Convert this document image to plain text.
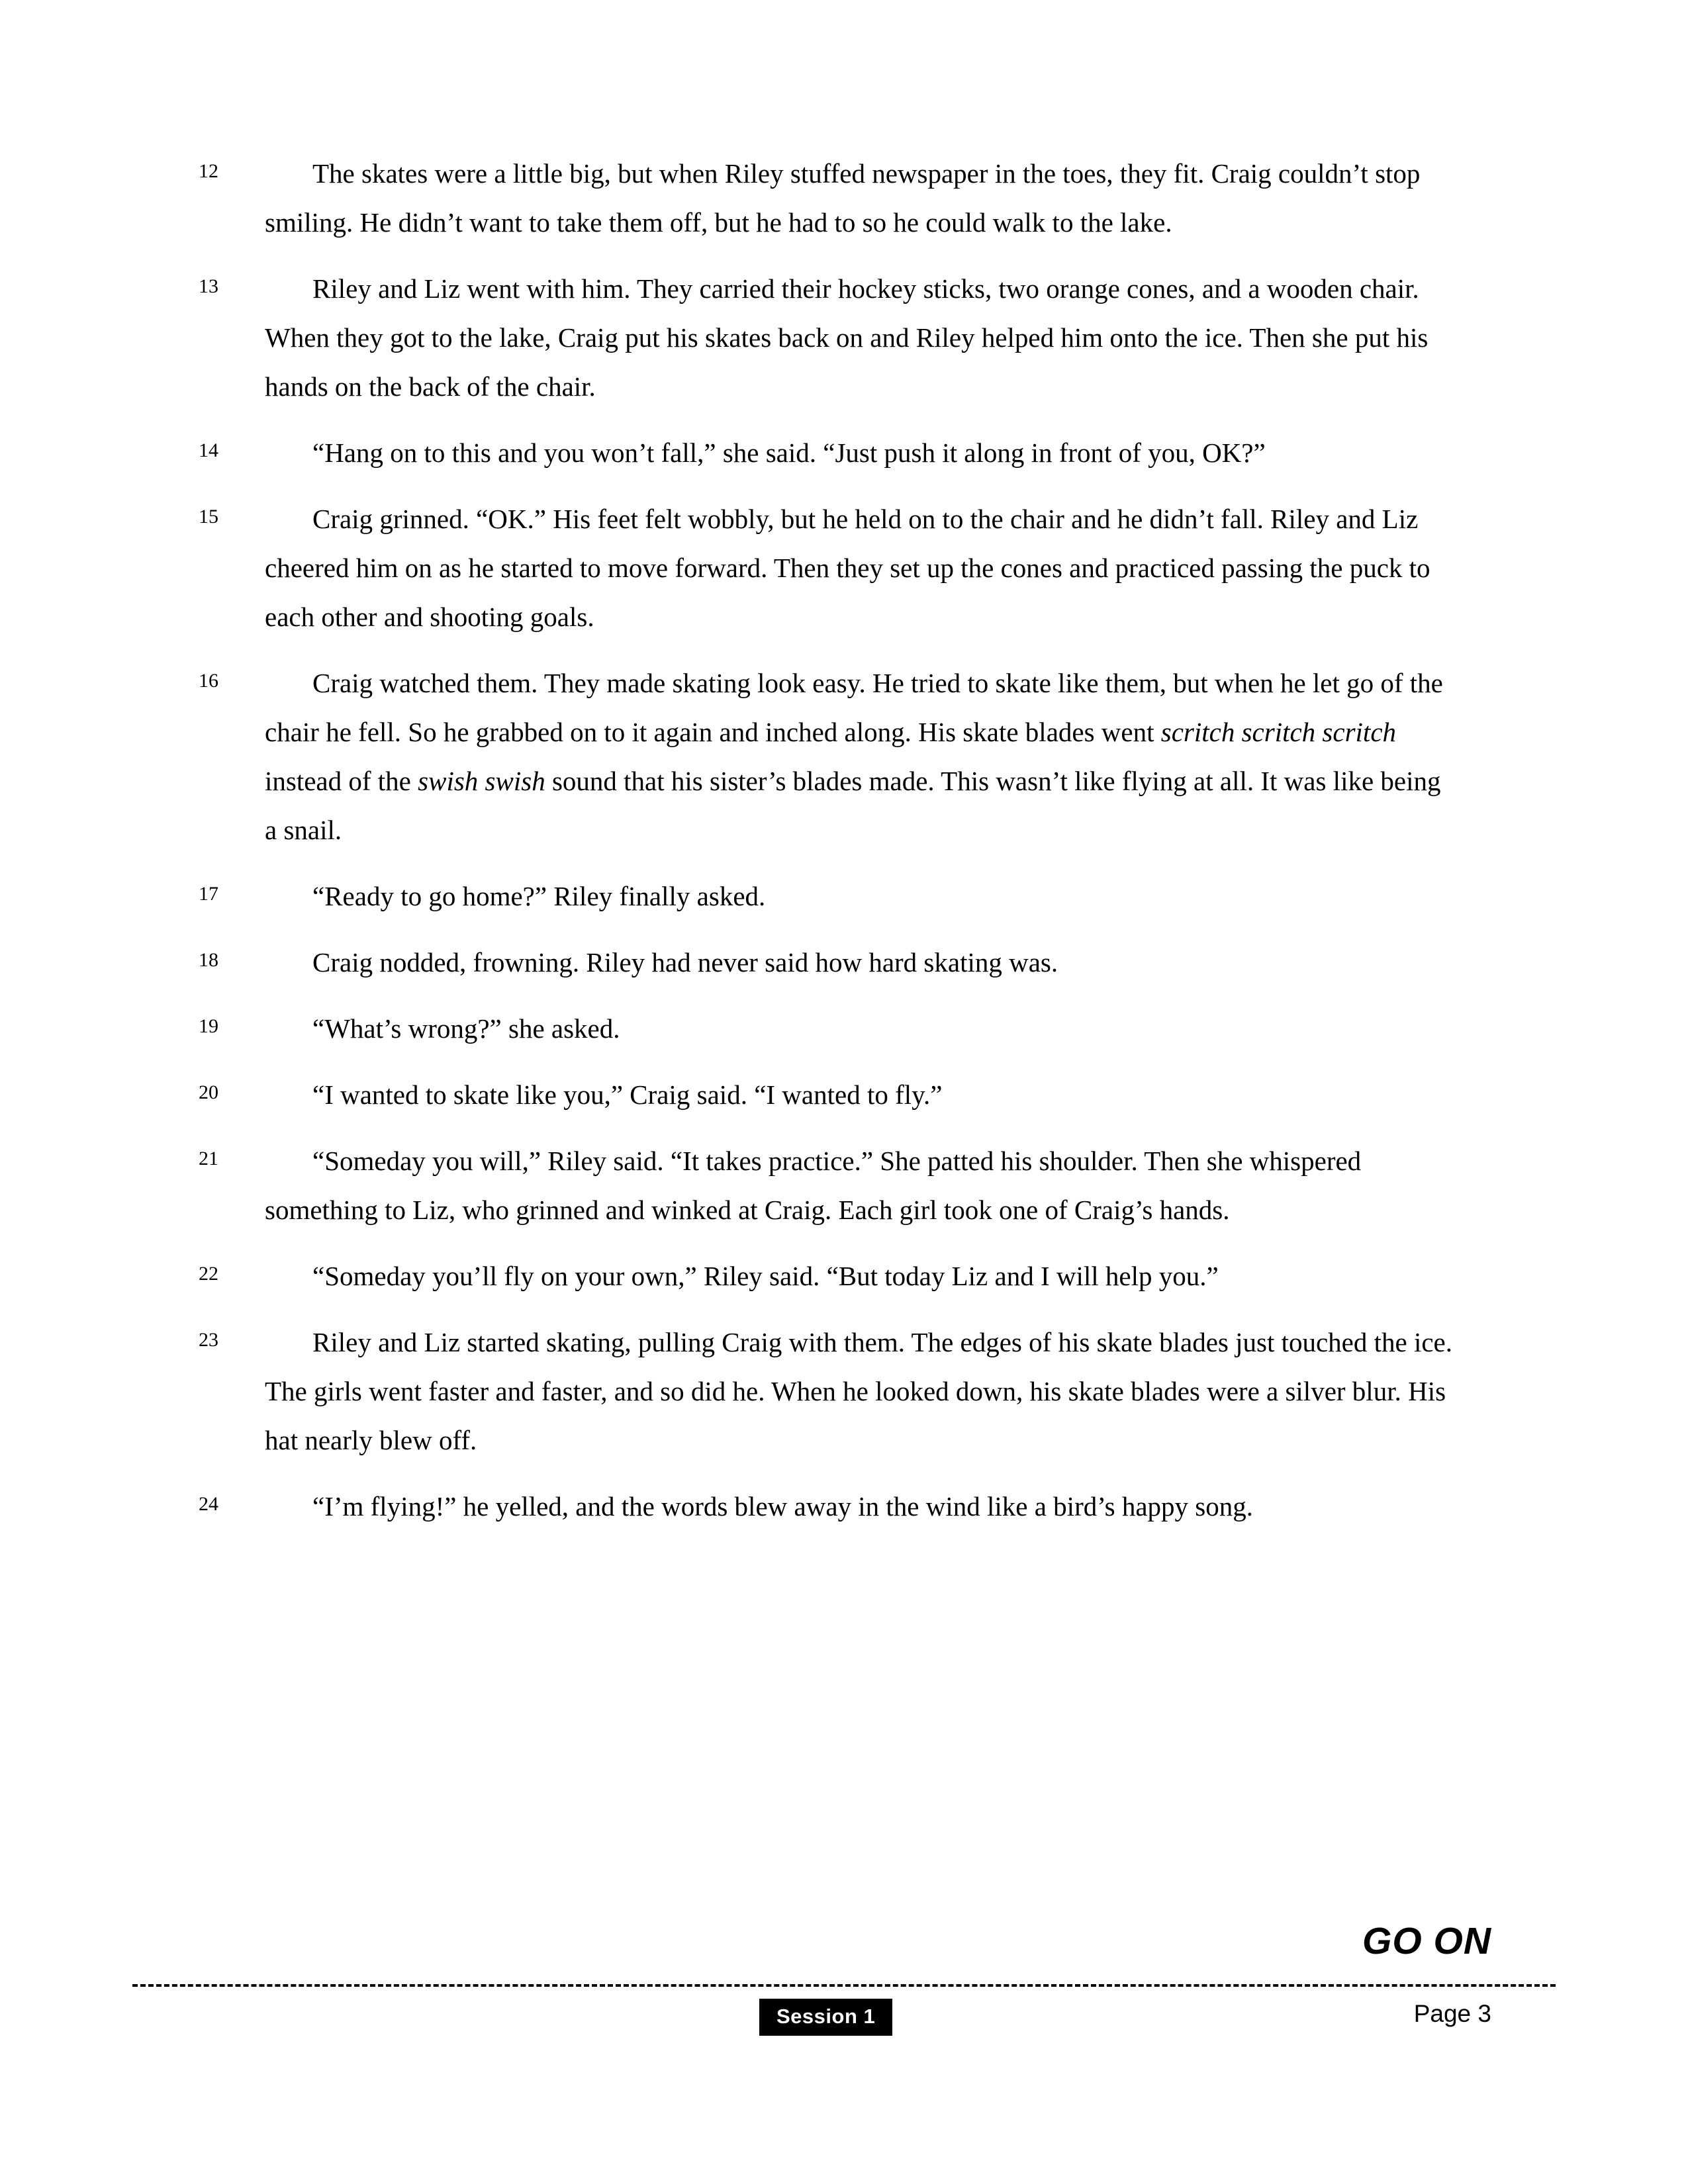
12	The skates were a little big, but when Riley stuffed newspaper in the toes, they fit. Craig couldn’t stop smiling. He didn’t want to take them off, but he had to so he could walk to the lake.
13	Riley and Liz went with him. They carried their hockey sticks, two orange cones, and a wooden chair. When they got to the lake, Craig put his skates back on and Riley helped him onto the ice. Then she put his hands on the back of the chair.
14	“Hang on to this and you won’t fall,” she said. “Just push it along in front of you, OK?”
15	Craig grinned. “OK.” His feet felt wobbly, but he held on to the chair and he didn’t fall. Riley and Liz cheered him on as he started to move forward. Then they set up the cones and practiced passing the puck to each other and shooting goals.
16	Craig watched them. They made skating look easy. He tried to skate like them, but when he let go of the chair he fell. So he grabbed on to it again and inched along. His skate blades went scritch scritch scritch instead of the swish swish sound that his sister’s blades made. This wasn’t like flying at all. It was like being a snail.
17	“Ready to go home?” Riley finally asked.
18	Craig nodded, frowning. Riley had never said how hard skating was.
19	“What’s wrong?” she asked.
20	“I wanted to skate like you,” Craig said. “I wanted to fly.”
21	“Someday you will,” Riley said. “It takes practice.” She patted his shoulder. Then she whispered something to Liz, who grinned and winked at Craig. Each girl took one of Craig’s hands.
22	“Someday you’ll fly on your own,” Riley said. “But today Liz and I will help you.”
23	Riley and Liz started skating, pulling Craig with them. The edges of his skate blades just touched the ice. The girls went faster and faster, and so did he. When he looked down, his skate blades were a silver blur. His hat nearly blew off.
24	“I’m flying!” he yelled, and the words blew away in the wind like a bird’s happy song.
GO ON
Session 1	Page 3
